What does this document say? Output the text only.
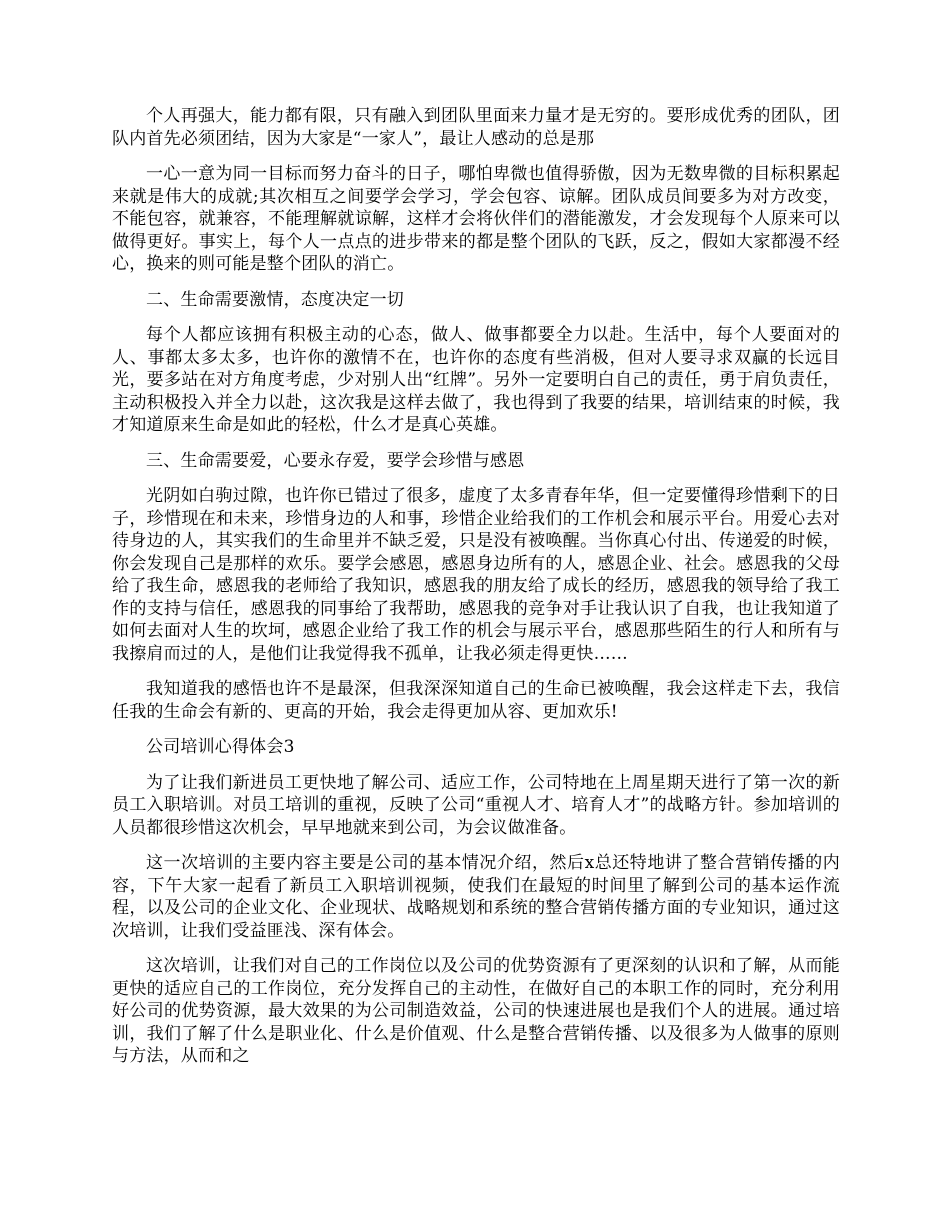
个人再强大，能力都有限，只有融入到团队里面来力量才是无穷的。要形成优秀的团队，团队内首先必须团结，因为大家是“一家人”，最让人感动的总是那

一心一意为同一目标而努力奋斗的日子，哪怕卑微也值得骄傲，因为无数卑微的目标积累起来就是伟大的成就;其次相互之间要学会学习，学会包容、谅解。团队成员间要多为对方改变，不能包容，就兼容，不能理解就谅解，这样才会将伙伴们的潜能激发，才会发现每个人原来可以做得更好。事实上，每个人一点点的进步带来的都是整个团队的飞跃，反之，假如大家都漫不经心，换来的则可能是整个团队的消亡。

二、生命需要激情，态度决定一切

每个人都应该拥有积极主动的心态，做人、做事都要全力以赴。生活中，每个人要面对的人、事都太多太多，也许你的激情不在，也许你的态度有些消极，但对人要寻求双赢的长远目光，要多站在对方角度考虑，少对别人出“红牌”。另外一定要明白自己的责任，勇于肩负责任，主动积极投入并全力以赴，这次我是这样去做了，我也得到了我要的结果，培训结束的时候，我才知道原来生命是如此的轻松，什么才是真心英雄。

三、生命需要爱，心要永存爱，要学会珍惜与感恩

光阴如白驹过隙，也许你已错过了很多，虚度了太多青春年华，但一定要懂得珍惜剩下的日子，珍惜现在和未来，珍惜身边的人和事，珍惜企业给我们的工作机会和展示平台。用爱心去对待身边的人，其实我们的生命里并不缺乏爱，只是没有被唤醒。当你真心付出、传递爱的时候，你会发现自己是那样的欢乐。要学会感恩，感恩身边所有的人，感恩企业、社会。感恩我的父母给了我生命，感恩我的老师给了我知识，感恩我的朋友给了成长的经历，感恩我的领导给了我工作的支持与信任，感恩我的同事给了我帮助，感恩我的竞争对手让我认识了自我，也让我知道了如何去面对人生的坎坷，感恩企业给了我工作的机会与展示平台，感恩那些陌生的行人和所有与我擦肩而过的人，是他们让我觉得我不孤单，让我必须走得更快……

我知道我的感悟也许不是最深，但我深深知道自己的生命已被唤醒，我会这样走下去，我信任我的生命会有新的、更高的开始，我会走得更加从容、更加欢乐!

公司培训心得体会3

为了让我们新进员工更快地了解公司、适应工作，公司特地在上周星期天进行了第一次的新员工入职培训。对员工培训的重视，反映了公司“重视人才、培育人才”的战略方针。参加培训的人员都很珍惜这次机会，早早地就来到公司，为会议做准备。

这一次培训的主要内容主要是公司的基本情况介绍，然后x总还特地讲了整合营销传播的内容，下午大家一起看了新员工入职培训视频，使我们在最短的时间里了解到公司的基本运作流程，以及公司的企业文化、企业现状、战略规划和系统的整合营销传播方面的专业知识，通过这次培训，让我们受益匪浅、深有体会。

这次培训，让我们对自己的工作岗位以及公司的优势资源有了更深刻的认识和了解，从而能更快的适应自己的工作岗位，充分发挥自己的主动性，在做好自己的本职工作的同时，充分利用好公司的优势资源，最大效果的为公司制造效益，公司的快速进展也是我们个人的进展。通过培训，我们了解了什么是职业化、什么是价值观、什么是整合营销传播、以及很多为人做事的原则与方法，从而和之
